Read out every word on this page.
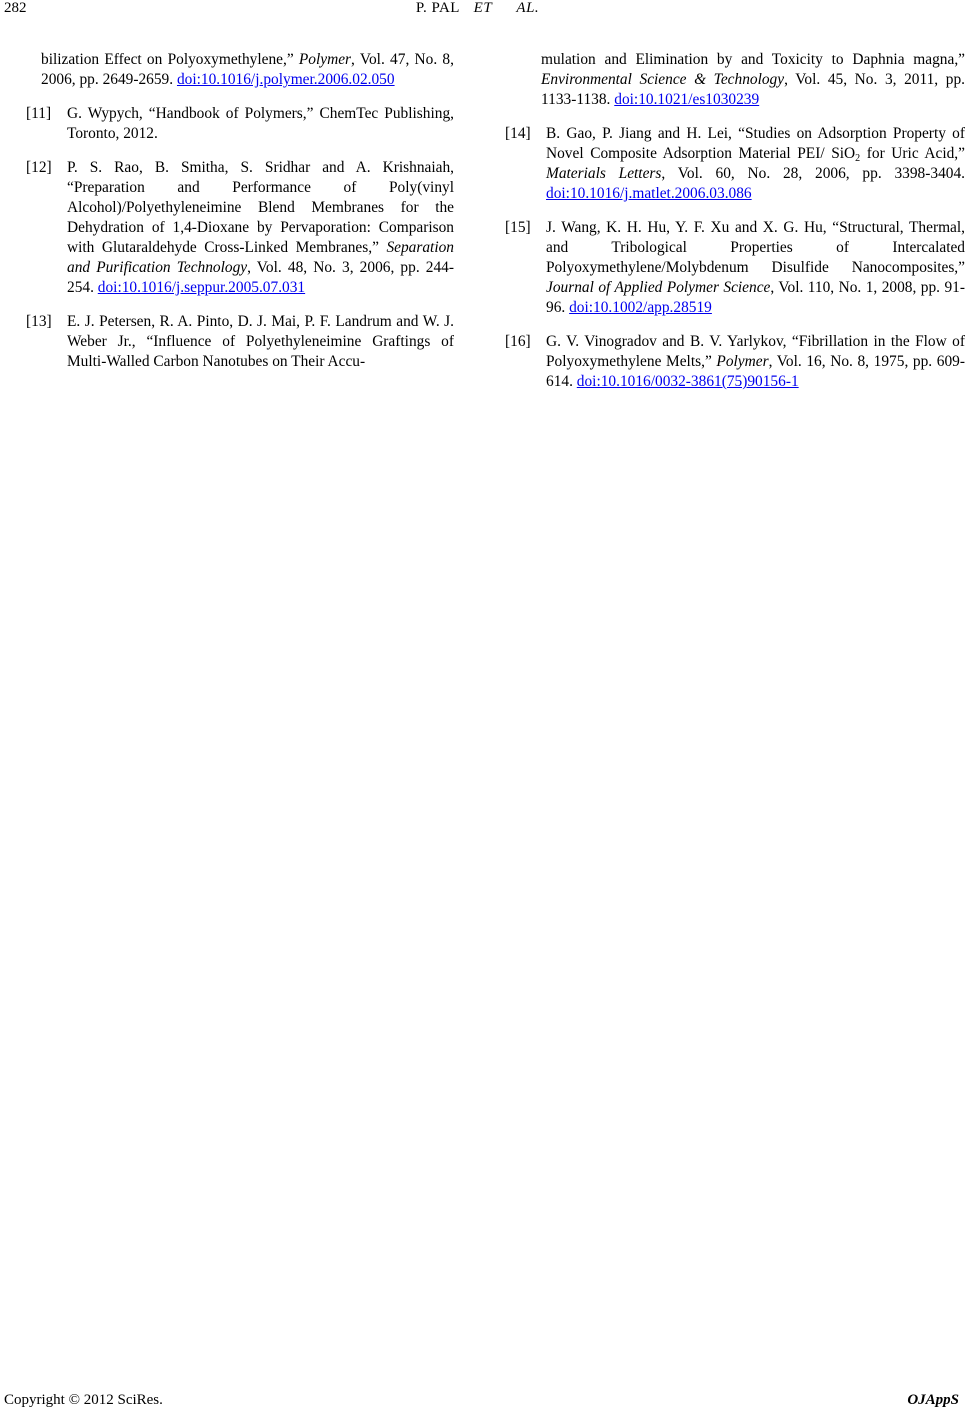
282	P. PAL ET AL.
bilization Effect on Polyoxymethylene,” Polymer, Vol. 47, No. 8, 2006, pp. 2649-2659. doi:10.1016/j.polymer.2006.02.050
[11] G. Wypych, “Handbook of Polymers,” ChemTec Publishing, Toronto, 2012.
[12] P. S. Rao, B. Smitha, S. Sridhar and A. Krishnaiah, “Preparation and Performance of Poly(vinyl Alcohol)/Polyethyleneimine Blend Membranes for the Dehydration of 1,4-Dioxane by Pervaporation: Comparison with Glutaraldehyde Cross-Linked Membranes,” Separation and Purification Technology, Vol. 48, No. 3, 2006, pp. 244-254. doi:10.1016/j.seppur.2005.07.031
[13] E. J. Petersen, R. A. Pinto, D. J. Mai, P. F. Landrum and W. J. Weber Jr., “Influence of Polyethyleneimine Graftings of Multi-Walled Carbon Nanotubes on Their Accu-
mulation and Elimination by and Toxicity to Daphnia magna,” Environmental Science & Technology, Vol. 45, No. 3, 2011, pp. 1133-1138. doi:10.1021/es1030239
[14] B. Gao, P. Jiang and H. Lei, “Studies on Adsorption Property of Novel Composite Adsorption Material PEI/ SiO$_2$ for Uric Acid,” Materials Letters, Vol. 60, No. 28, 2006, pp. 3398-3404. doi:10.1016/j.matlet.2006.03.086
[15] J. Wang, K. H. Hu, Y. F. Xu and X. G. Hu, “Structural, Thermal, and Tribological Properties of Intercalated Polyoxymethylene/Molybdenum Disulfide Nanocomposites,” Journal of Applied Polymer Science, Vol. 110, No. 1, 2008, pp. 91-96. doi:10.1002/app.28519
[16] G. V. Vinogradov and B. V. Yarlykov, “Fibrillation in the Flow of Polyoxymethylene Melts,” Polymer, Vol. 16, No. 8, 1975, pp. 609-614. doi:10.1016/0032-3861(75)90156-1
Copyright © 2012 SciRes.	OJAppS
